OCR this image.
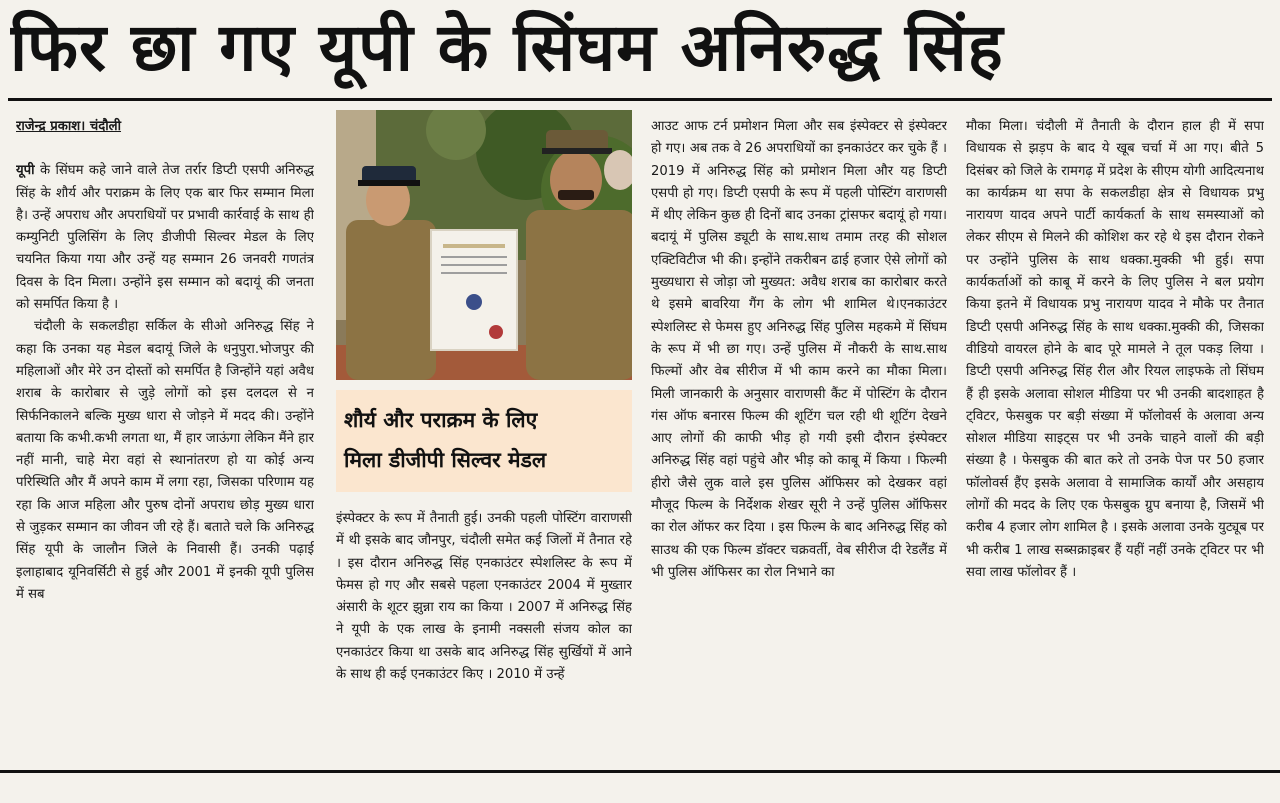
फिर छा गए यूपी के सिंघम अनिरुद्ध सिंह

राजेन्द्र प्रकाश। चंदौली

यूपी के सिंघम कहे जाने वाले तेज तर्रार डिप्टी एसपी अनिरुद्ध सिंह के शौर्य और पराक्रम के लिए एक बार फिर सम्मान मिला है। उन्हें अपराध और अपराधियों पर प्रभावी कार्रवाई के साथ ही कम्युनिटी पुलिसिंग के लिए डीजीपी सिल्वर मेडल के लिए चयनित किया गया और उन्हें यह सम्मान 26 जनवरी गणतंत्र दिवस के दिन मिला। उन्होंने इस सम्मान को बदायूं की जनता को समर्पित किया है ।

चंदौली के सकलडीहा सर्किल के सीओ अनिरुद्ध सिंह ने कहा कि उनका यह मेडल बदायूं जिले के धनुपुरा.भोजपुर की महिलाओं और मेरे उन दोस्तों को समर्पित है जिन्होंने यहां अवैध शराब के कारोबार से जुड़े लोगों को इस दलदल से न सिर्फनिकालने बल्कि मुख्य धारा से जोड़ने में मदद की। उन्होंने बताया कि कभी.कभी लगता था, मैं हार जाऊंगा लेकिन मैंने हार नहीं मानी, चाहे मेरा वहां से स्थानांतरण हो या कोई अन्य परिस्थिति और मैं अपने काम में लगा रहा, जिसका परिणाम यह रहा कि आज महिला और पुरुष दोनों अपराध छोड़ मुख्य धारा से जुड़कर सम्मान का जीवन जी रहे हैं। बताते चले कि अनिरुद्ध सिंह यूपी के जालौन जिले के निवासी हैं। उनकी पढ़ाई इलाहाबाद यूनिवर्सिटी से हुई और 2001 में इनकी यूपी पुलिस में सब

शौर्य और पराक्रम के लिए
मिला डीजीपी सिल्वर मेडल

इंस्पेक्टर के रूप में तैनाती हुई। उनकी पहली पोस्टिंग वाराणसी में थी इसके बाद जौनपुर, चंदौली समेत कई जिलों में तैनात रहे । इस दौरान अनिरुद्ध सिंह एनकाउंटर स्पेशलिस्ट के रूप में फेमस हो गए और सबसे पहला एनकाउंटर 2004 में मुख्तार अंसारी के शूटर झुन्ना राय का किया । 2007 में अनिरुद्ध सिंह ने यूपी के एक लाख के इनामी नक्सली संजय कोल का एनकाउंटर किया था उसके बाद अनिरुद्ध सिंह सुर्खियों में आने के साथ ही कई एनकाउंटर किए । 2010 में उन्हें

आउट आफ टर्न प्रमोशन मिला और सब इंस्पेक्टर से इंस्पेक्टर हो गए। अब तक वे 26 अपराधियों का इनकाउंटर कर चुके हैं । 2019 में अनिरुद्ध सिंह को प्रमोशन मिला और यह डिप्टी एसपी हो गए। डिप्टी एसपी के रूप में पहली पोस्टिंग वाराणसी में थीए लेकिन कुछ ही दिनों बाद उनका ट्रांसफर बदायूं हो गया। बदायूं में पुलिस ड्यूटी के साथ.साथ तमाम तरह की सोशल एक्टिविटीज भी की। इन्होंने तकरीबन ढाई हजार ऐसे लोगों को मुख्यधारा से जोड़ा जो मुख्यत: अवैध शराब का कारोबार करते थे इसमे बावरिया गैंग के लोग भी शामिल थे।एनकाउंटर स्पेशलिस्ट से फेमस हुए अनिरुद्ध सिंह पुलिस महकमे में सिंघम के रूप में भी छा गए। उन्हें पुलिस में नौकरी के साथ.साथ फिल्मों और वेब सीरीज में भी काम करने का मौका मिला। मिली जानकारी के अनुसार वाराणसी कैंट में पोस्टिंग के दौरान गंस ऑफ बनारस फिल्म की शूटिंग चल रही थी शूटिंग देखने आए लोगों की काफी भीड़ हो गयी इसी दौरान इंस्पेक्टर अनिरुद्ध सिंह वहां पहुंचे और भीड़ को काबू में किया । फिल्मी हीरो जैसे लुक वाले इस पुलिस ऑफिसर को देखकर वहां मौजूद फिल्म के निर्देशक शेखर सूरी ने उन्हें पुलिस ऑफिसर का रोल ऑफर कर दिया । इस फिल्म के बाद अनिरुद्ध सिंह को साउथ की एक फिल्म डॉक्टर चक्रवर्ती, वेब सीरीज दी रेडलैंड में भी पुलिस ऑफिसर का रोल निभाने का

मौका मिला। चंदौली में तैनाती के दौरान हाल ही में सपा विधायक से झड़प के बाद ये खूब चर्चा में आ गए। बीते 5 दिसंबर को जिले के रामगढ़ में प्रदेश के सीएम योगी आदित्यनाथ का कार्यक्रम था सपा के सकलडीहा क्षेत्र से विधायक प्रभु नारायण यादव अपने पार्टी कार्यकर्ता के साथ समस्याओं को लेकर सीएम से मिलने की कोशिश कर रहे थे इस दौरान रोकने पर उन्होंने पुलिस के साथ धक्का.मुक्की भी हुई। सपा कार्यकर्ताओं को काबू में करने के लिए पुलिस ने बल प्रयोग किया इतने में विधायक प्रभु नारायण यादव ने मौके पर तैनात डिप्टी एसपी अनिरुद्ध सिंह के साथ धक्का.मुक्की की, जिसका वीडियो वायरल होने के बाद पूरे मामले ने तूल पकड़ लिया । डिप्टी एसपी अनिरुद्ध सिंह रील और रियल लाइफके तो सिंघम हैं ही इसके अलावा सोशल मीडिया पर भी उनकी बादशाहत है ट्विटर, फेसबुक पर बड़ी संख्या में फॉलोवर्स के अलावा अन्य सोशल मीडिया साइट्स पर भी उनके चाहने वालों की बड़ी संख्या है । फेसबुक की बात करे तो उनके पेज पर 50 हजार फॉलोवर्स हैंए इसके अलावा वे सामाजिक कार्यों और असहाय लोगों की मदद के लिए एक फेसबुक ग्रुप बनाया है, जिसमें भी करीब 4 हजार लोग शामिल है । इसके अलावा उनके युट्यूब पर भी करीब 1 लाख सब्सक्राइबर हैं यहीं नहीं उनके ट्विटर पर भी सवा लाख फॉलोवर हैं ।
